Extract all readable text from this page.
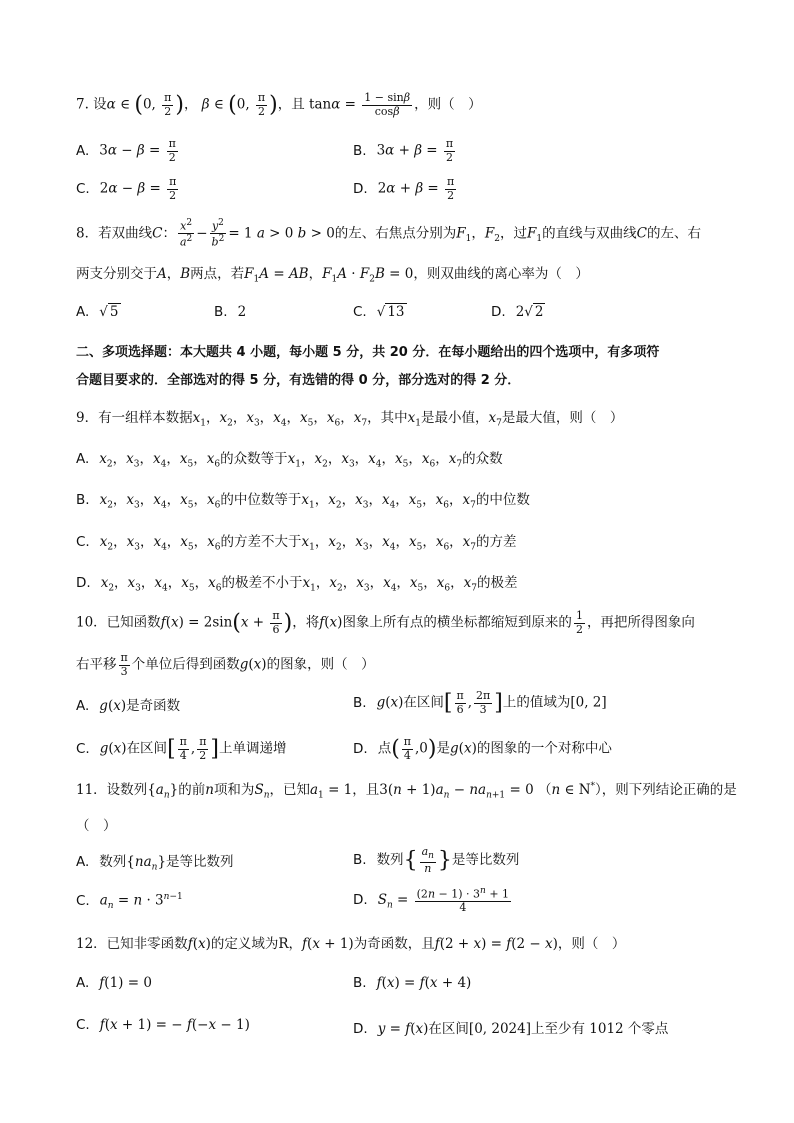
7. 设α ∈ (0, $\frac{\pi}{2}$ )， β ∈ (0, $\frac{\pi}{2}$ )，且 $\tan\alpha = \frac{1 - \sin\beta}{\cos\beta}$ ，则（　）
A. $3\alpha - \beta = \frac{\pi}{2}$	B. $3\alpha + \beta = \frac{\pi}{2}$
C. $2\alpha - \beta = \frac{\pi}{2}$	D. $2\alpha + \beta = \frac{\pi}{2}$
8．若双曲线C： $\frac{x^2}{a^2} - \frac{y^2}{b^2} = 1$ a > 0 b > 0的左、右焦点分别为$F_1$，$F_2$，过$F_1$的直线与双曲线C的左、右
两支分别交于A，B两点，若$F_1A$ = AB，$F_1A \cdot F_2B = 0$，则双曲线的离心率为（　）
A. √ 5	B. 2	C. √ 13	D. 2√ 2
二、多项选择题：本大题共 4 小题，每小题 5 分，共 20 分．在每小题给出的四个选项中，有多项符
合题目要求的．全部选对的得 5 分，有选错的得 0 分，部分选对的得 2 分．
9．有一组样本数据$x_1$，$x_2$，$x_3$，$x_4$，$x_5$，$x_6$，$x_7$，其中$x_1$是最小值，$x_7$是最大值，则（　）
A. $x_2$，$x_3$，$x_4$，$x_5$，$x_6$的众数等于$x_1$，$x_2$，$x_3$，$x_4$，$x_5$，$x_6$，$x_7$的众数
B. $x_2$，$x_3$，$x_4$，$x_5$，$x_6$的中位数等于$x_1$，$x_2$，$x_3$，$x_4$，$x_5$，$x_6$，$x_7$的中位数
C. $x_2$，$x_3$，$x_4$，$x_5$，$x_6$的方差不大于$x_1$，$x_2$，$x_3$，$x_4$，$x_5$，$x_6$，$x_7$的方差
D. $x_2$，$x_3$，$x_4$，$x_5$，$x_6$的极差不小于$x_1$，$x_2$，$x_3$，$x_4$，$x_5$，$x_6$，$x_7$的极差
10．已知函数$f(x) = 2\sin(x + \frac{\pi}{6}$ )，将f(x)图象上所有点的横坐标都缩短到原来的 $\frac{1}{2}$ ，再把所得图象向
右平移 $\frac{\pi}{3}$ 个单位后得到函数g(x)的图象，则（　）
A. g(x)是奇函数	B. g(x)在区间[ $\frac{\pi}{6}$ , $\frac{2\pi}{3}$ ]上的值域为[0, 2]
C. g(x)在区间[ $\frac{\pi}{4}$ , $\frac{\pi}{2}$ ]上单调递增	D. 点( $\frac{\pi}{4} ,0$)是g(x)的图象的一个对称中心
11．设数列$\{a_n\}$的前n项和为$S_n$，已知$a_1 = 1$，且$3(n + 1)a_n - na_{n+1} = 0$ （n ∈ N*），则下列结论正确的是
（　）
A. 数列$\{na_n\}$是等比数列	B. 数列{ $\frac{a_n}{n}$ }是等比数列
C. $a_n = n \cdot 3^{n-1}$	D. $S_n = \frac{(2n - 1) \cdot 3^n + 1}{4}$
12．已知非零函数f(x)的定义域为R，f(x + 1)为奇函数，且f(2 + x) = f(2 − x)，则（　）
A. f(1) = 0	B. f(x) = f(x + 4)
C. f(x + 1) = − f(−x − 1)	D. y = f(x)在区间[0, 2024]上至少有 1012 个零点
